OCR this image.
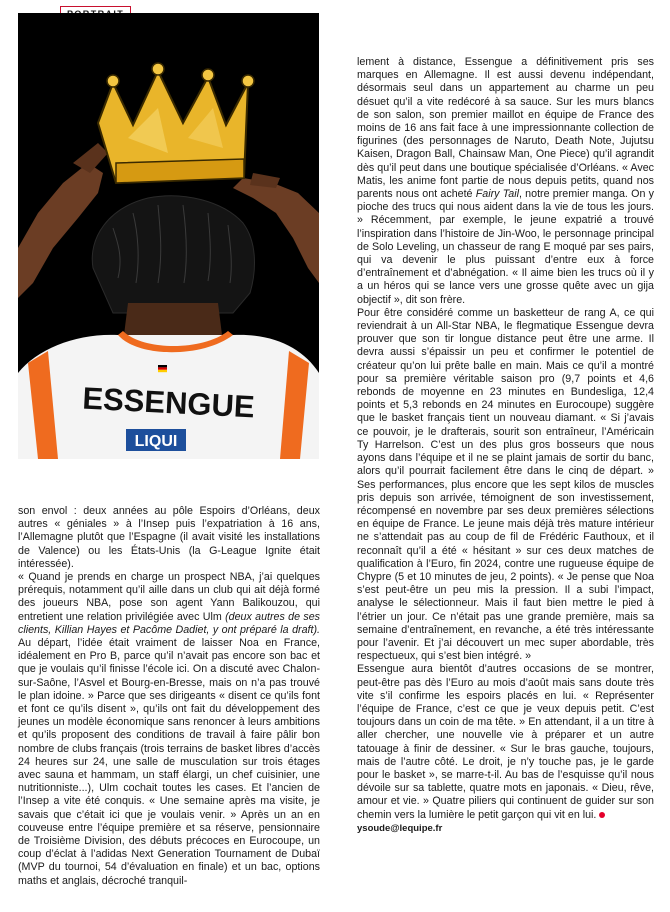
ESSENGUE
LIQUI

son envol : deux années au pôle Espoirs d’Orléans, deux autres « géniales » à l’Insep puis l’expatriation à 16 ans, l’Allemagne plutôt que l’Espagne (il avait visité les installations de Valence) ou les États-Unis (la G-League Ignite était intéressée).

« Quand je prends en charge un prospect NBA, j’ai quelques prérequis, notamment qu’il aille dans un club qui ait déjà formé des joueurs NBA, pose son agent Yann Balikouzou, qui entretient une relation privilégiée avec Ulm (deux autres de ses clients, Killian Hayes et Pacôme Dadiet, y ont préparé la draft). Au départ, l’idée était vraiment de laisser Noa en France, idéalement en Pro B, parce qu’il n’avait pas encore son bac et que je voulais qu’il finisse l’école ici. On a discuté avec Chalon-sur-Saône, l’Asvel et Bourg-en-Bresse, mais on n’a pas trouvé le plan idoine. » Parce que ses dirigeants « disent ce qu’ils font et font ce qu’ils disent », qu’ils ont fait du développement des jeunes un modèle économique sans renoncer à leurs ambitions et qu’ils proposent des conditions de travail à faire pâlir bon nombre de clubs français (trois terrains de basket libres d’accès 24 heures sur 24, une salle de musculation sur trois étages avec sauna et hammam, un staff élargi, un chef cuisinier, une nutritionniste...), Ulm cochait toutes les cases. Et l’ancien de l’Insep a vite été conquis. « Une semaine après ma visite, je savais que c’était ici que je voulais venir. » Après un an en couveuse entre l’équipe première et sa réserve, pensionnaire de Troisième Division, des débuts précoces en Eurocoupe, un coup d’éclat à l’adidas Next Generation Tournament de Dubaï (MVP du tournoi, 54 d’évaluation en finale) et un bac, options maths et anglais, décroché tranquil-

lement à distance, Essengue a définitivement pris ses marques en Allemagne. Il est aussi devenu indépendant, désormais seul dans un appartement au charme un peu désuet qu’il a vite redécoré à sa sauce. Sur les murs blancs de son salon, son premier maillot en équipe de France des moins de 16 ans fait face à une impressionnante collection de figurines (des personnages de Naruto, Death Note, Jujutsu Kaisen, Dragon Ball, Chainsaw Man, One Piece) qu’il agrandit dès qu’il peut dans une boutique spécialisée d’Orléans. « Avec Matis, les anime font partie de nous depuis petits, quand nos parents nous ont acheté Fairy Tail, notre premier manga. On y pioche des trucs qui nous aident dans la vie de tous les jours. » Récemment, par exemple, le jeune expatrié a trouvé l’inspiration dans l’histoire de Jin-Woo, le personnage principal de Solo Leveling, un chasseur de rang E moqué par ses pairs, qui va devenir le plus puissant d’entre eux à force d’entraînement et d’abnégation. « Il aime bien les trucs où il y a un héros qui se lance vers une grosse quête avec un gija objectif », dit son frère.

Pour être considéré comme un basketteur de rang A, ce qui reviendrait à un All-Star NBA, le flegmatique Essengue devra prouver que son tir longue distance peut être une arme. Il devra aussi s’épaissir un peu et confirmer le potentiel de créateur qu’on lui prête balle en main. Mais ce qu’il a montré pour sa première véritable saison pro (9,7 points et 4,6 rebonds de moyenne en 23 minutes en Bundesliga, 12,4 points et 5,3 rebonds en 24 minutes en Eurocoupe) suggère que le basket français tient un nouveau diamant. « Si j’avais ce pouvoir, je le drafterais, sourit son entraîneur, l’Américain Ty Harrelson. C’est un des plus gros bosseurs que nous ayons dans l’équipe et il ne se plaint jamais de sortir du banc, alors qu’il pourrait facilement être dans le cinq de départ. » Ses performances, plus encore que les sept kilos de muscles pris depuis son arrivée, témoignent de son investissement, récompensé en novembre par ses deux premières sélections en équipe de France. Le jeune mais déjà très mature intérieur ne s’attendait pas au coup de fil de Frédéric Fauthoux, et il reconnaît qu’il a été « hésitant » sur ces deux matches de qualification à l’Euro, fin 2024, contre une rugueuse équipe de Chypre (5 et 10 minutes de jeu, 2 points). « Je pense que Noa s’est peut-être un peu mis la pression. Il a subi l’impact, analyse le sélectionneur. Mais il faut bien mettre le pied à l’étrier un jour. Ce n’était pas une grande première, mais sa semaine d’entraînement, en revanche, a été très intéressante pour l’avenir. Et j’ai découvert un mec super abordable, très respectueux, qui s’est bien intégré. »

Essengue aura bientôt d’autres occasions de se montrer, peut-être pas dès l’Euro au mois d’août mais sans doute très vite s’il confirme les espoirs placés en lui. « Représenter l’équipe de France, c’est ce que je veux depuis petit. C’est toujours dans un coin de ma tête. » En attendant, il a un titre à aller chercher, une nouvelle vie à préparer et un autre tatouage à finir de dessiner. « Sur le bras gauche, toujours, mais de l’autre côté. Le droit, je n’y touche pas, je le garde pour le basket », se marre-t-il. Au bas de l’esquisse qu’il nous dévoile sur sa tablette, quatre mots en japonais. « Dieu, rêve, amour et vie. » Quatre piliers qui continuent de guider sur son chemin vers la lumière le petit garçon qui vit en lui.

ysoude@lequipe.fr
